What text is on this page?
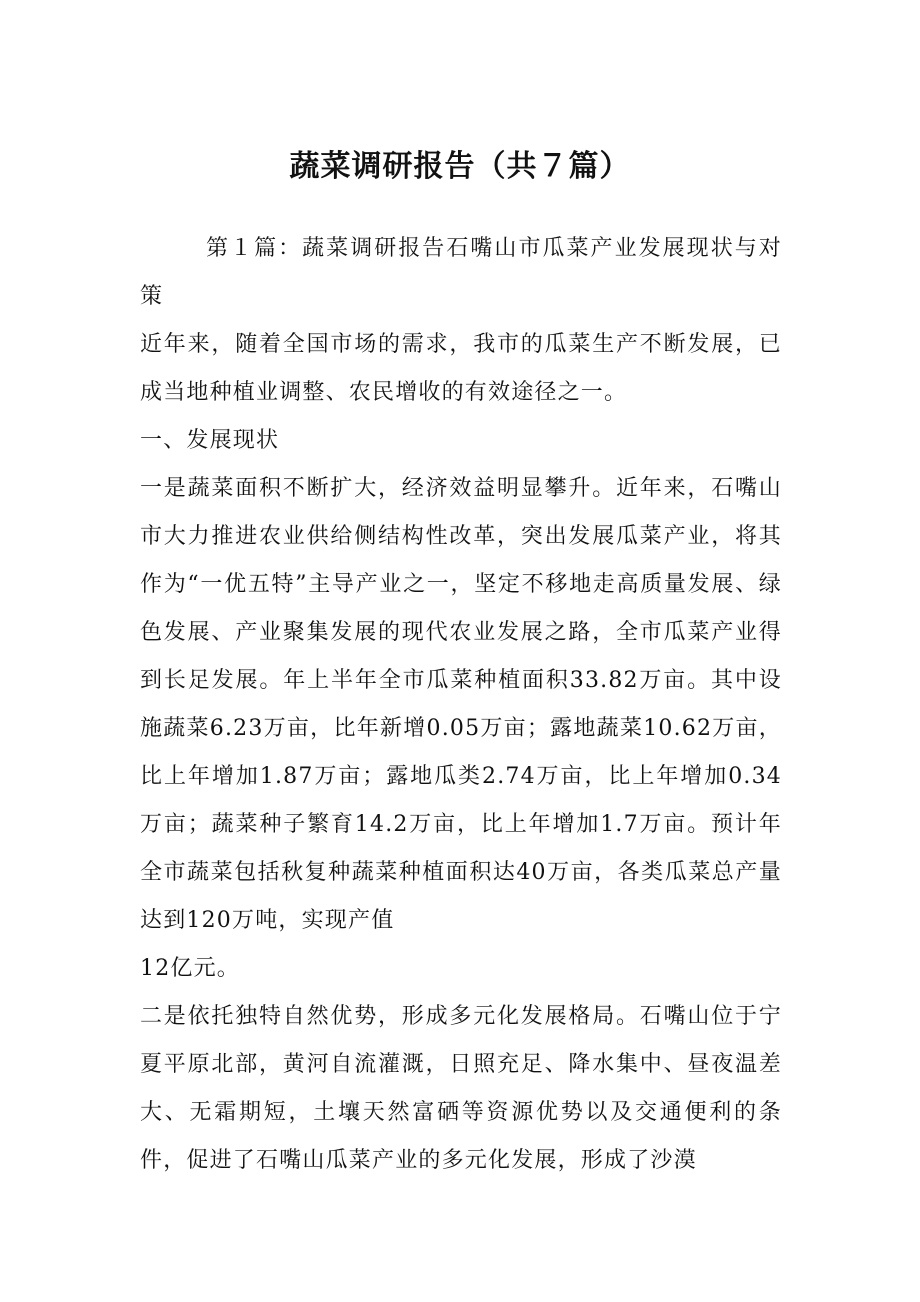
蔬菜调研报告（共７篇）

第１篇：蔬菜调研报告石嘴山市瓜菜产业发展现状与对策

近年来，随着全国市场的需求，我市的瓜菜生产不断发展，已成当地种植业调整、农民增收的有效途径之一。

一、发展现状

一是蔬菜面积不断扩大，经济效益明显攀升。近年来，石嘴山市大力推进农业供给侧结构性改革，突出发展瓜菜产业，将其作为“一优五特”主导产业之一，坚定不移地走高质量发展、绿色发展、产业聚集发展的现代农业发展之路，全市瓜菜产业得到长足发展。年上半年全市瓜菜种植面积33.82万亩。其中设施蔬菜6.23万亩，比年新增0.05万亩；露地蔬菜10.62万亩，比上年增加1.87万亩；露地瓜类2.74万亩，比上年增加0.34万亩；蔬菜种子繁育14.2万亩，比上年增加1.7万亩。预计年全市蔬菜包括秋复种蔬菜种植面积达40万亩，各类瓜菜总产量达到120万吨，实现产值

12亿元。

二是依托独特自然优势，形成多元化发展格局。石嘴山位于宁夏平原北部，黄河自流灌溉，日照充足、降水集中、昼夜温差大、无霜期短，土壤天然富硒等资源优势以及交通便利的条件，促进了石嘴山瓜菜产业的多元化发展，形成了沙漠
